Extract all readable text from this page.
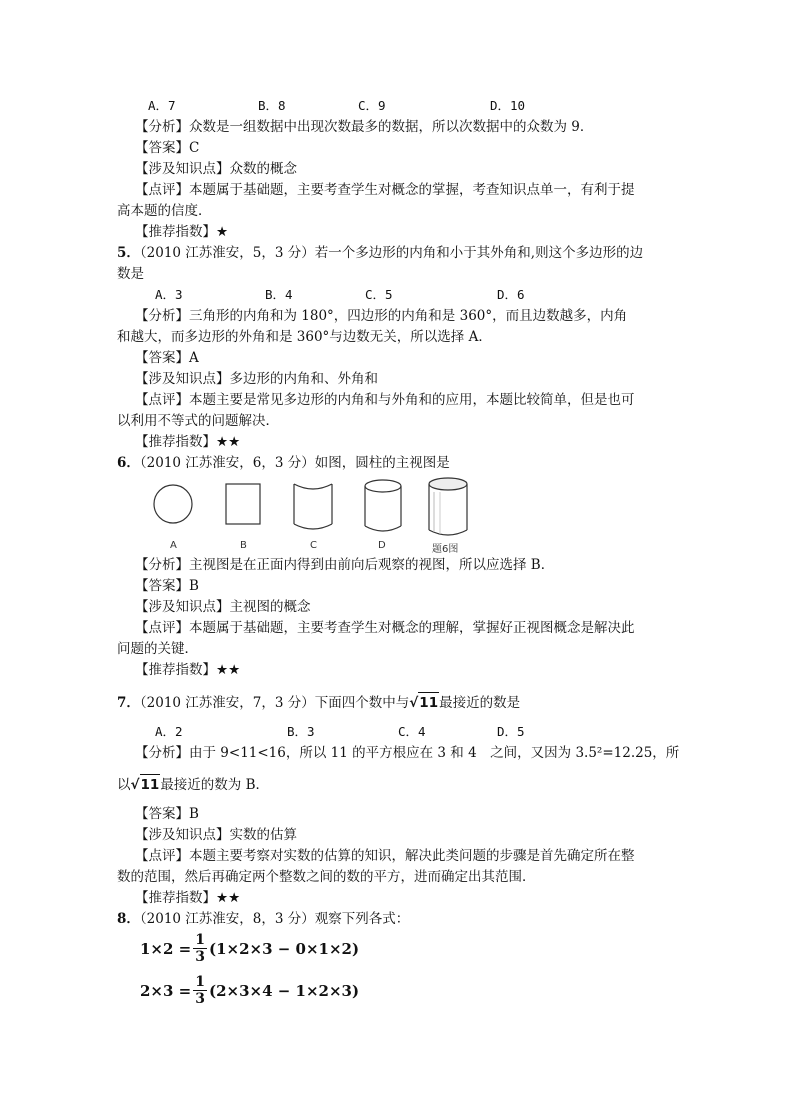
A．7	B．8	C．9	D．10
【分析】众数是一组数据中出现次数最多的数据，所以次数据中的众数为 9．
【答案】C
【涉及知识点】众数的概念
【点评】本题属于基础题，主要考查学生对概念的掌握，考查知识点单一，有利于提
高本题的信度．
【推荐指数】★
5．（2010 江苏淮安，5，3 分）若一个多边形的内角和小于其外角和,则这个多边形的边
数是
A．3	B．4	C．5	D．6
【分析】三角形的内角和为 180°，四边形的内角和是 360°，而且边数越多，内角
和越大，而多边形的外角和是 360°与边数无关，所以选择 A．
【答案】A
【涉及知识点】多边形的内角和、外角和
【点评】本题主要是常见多边形的内角和与外角和的应用，本题比较简单，但是也可
以利用不等式的问题解决．
【推荐指数】★★
6．（2010 江苏淮安，6，3 分）如图，圆柱的主视图是
A	B	C	D	题6图
【分析】主视图是在正面内得到由前向后观察的视图，所以应选择 B．
【答案】B
【涉及知识点】主视图的概念
【点评】本题属于基础题，主要考查学生对概念的理解，掌握好正视图概念是解决此
问题的关键．
【推荐指数】★★
7．（2010 江苏淮安，7，3 分）下面四个数中与√11最接近的数是
A．2	B．3	C．4	D．5
【分析】由于 9<11<16，所以 11 的平方根应在 3 和 4　之间，又因为 3.5²=12.25，所
以√11最接近的数为 B．
【答案】B
【涉及知识点】实数的估算
【点评】本题主要考察对实数的估算的知识，解决此类问题的步骤是首先确定所在整
数的范围，然后再确定两个整数之间的数的平方，进而确定出其范围．
【推荐指数】★★
8．（2010 江苏淮安，8，3 分）观察下列各式：
$1\times 2 = \frac{1}{3} (1\times 2\times 3 - 0\times 1\times 2)$
$2\times 3 = \frac{1}{3} (2\times 3\times 4 - 1\times 2\times 3)$
